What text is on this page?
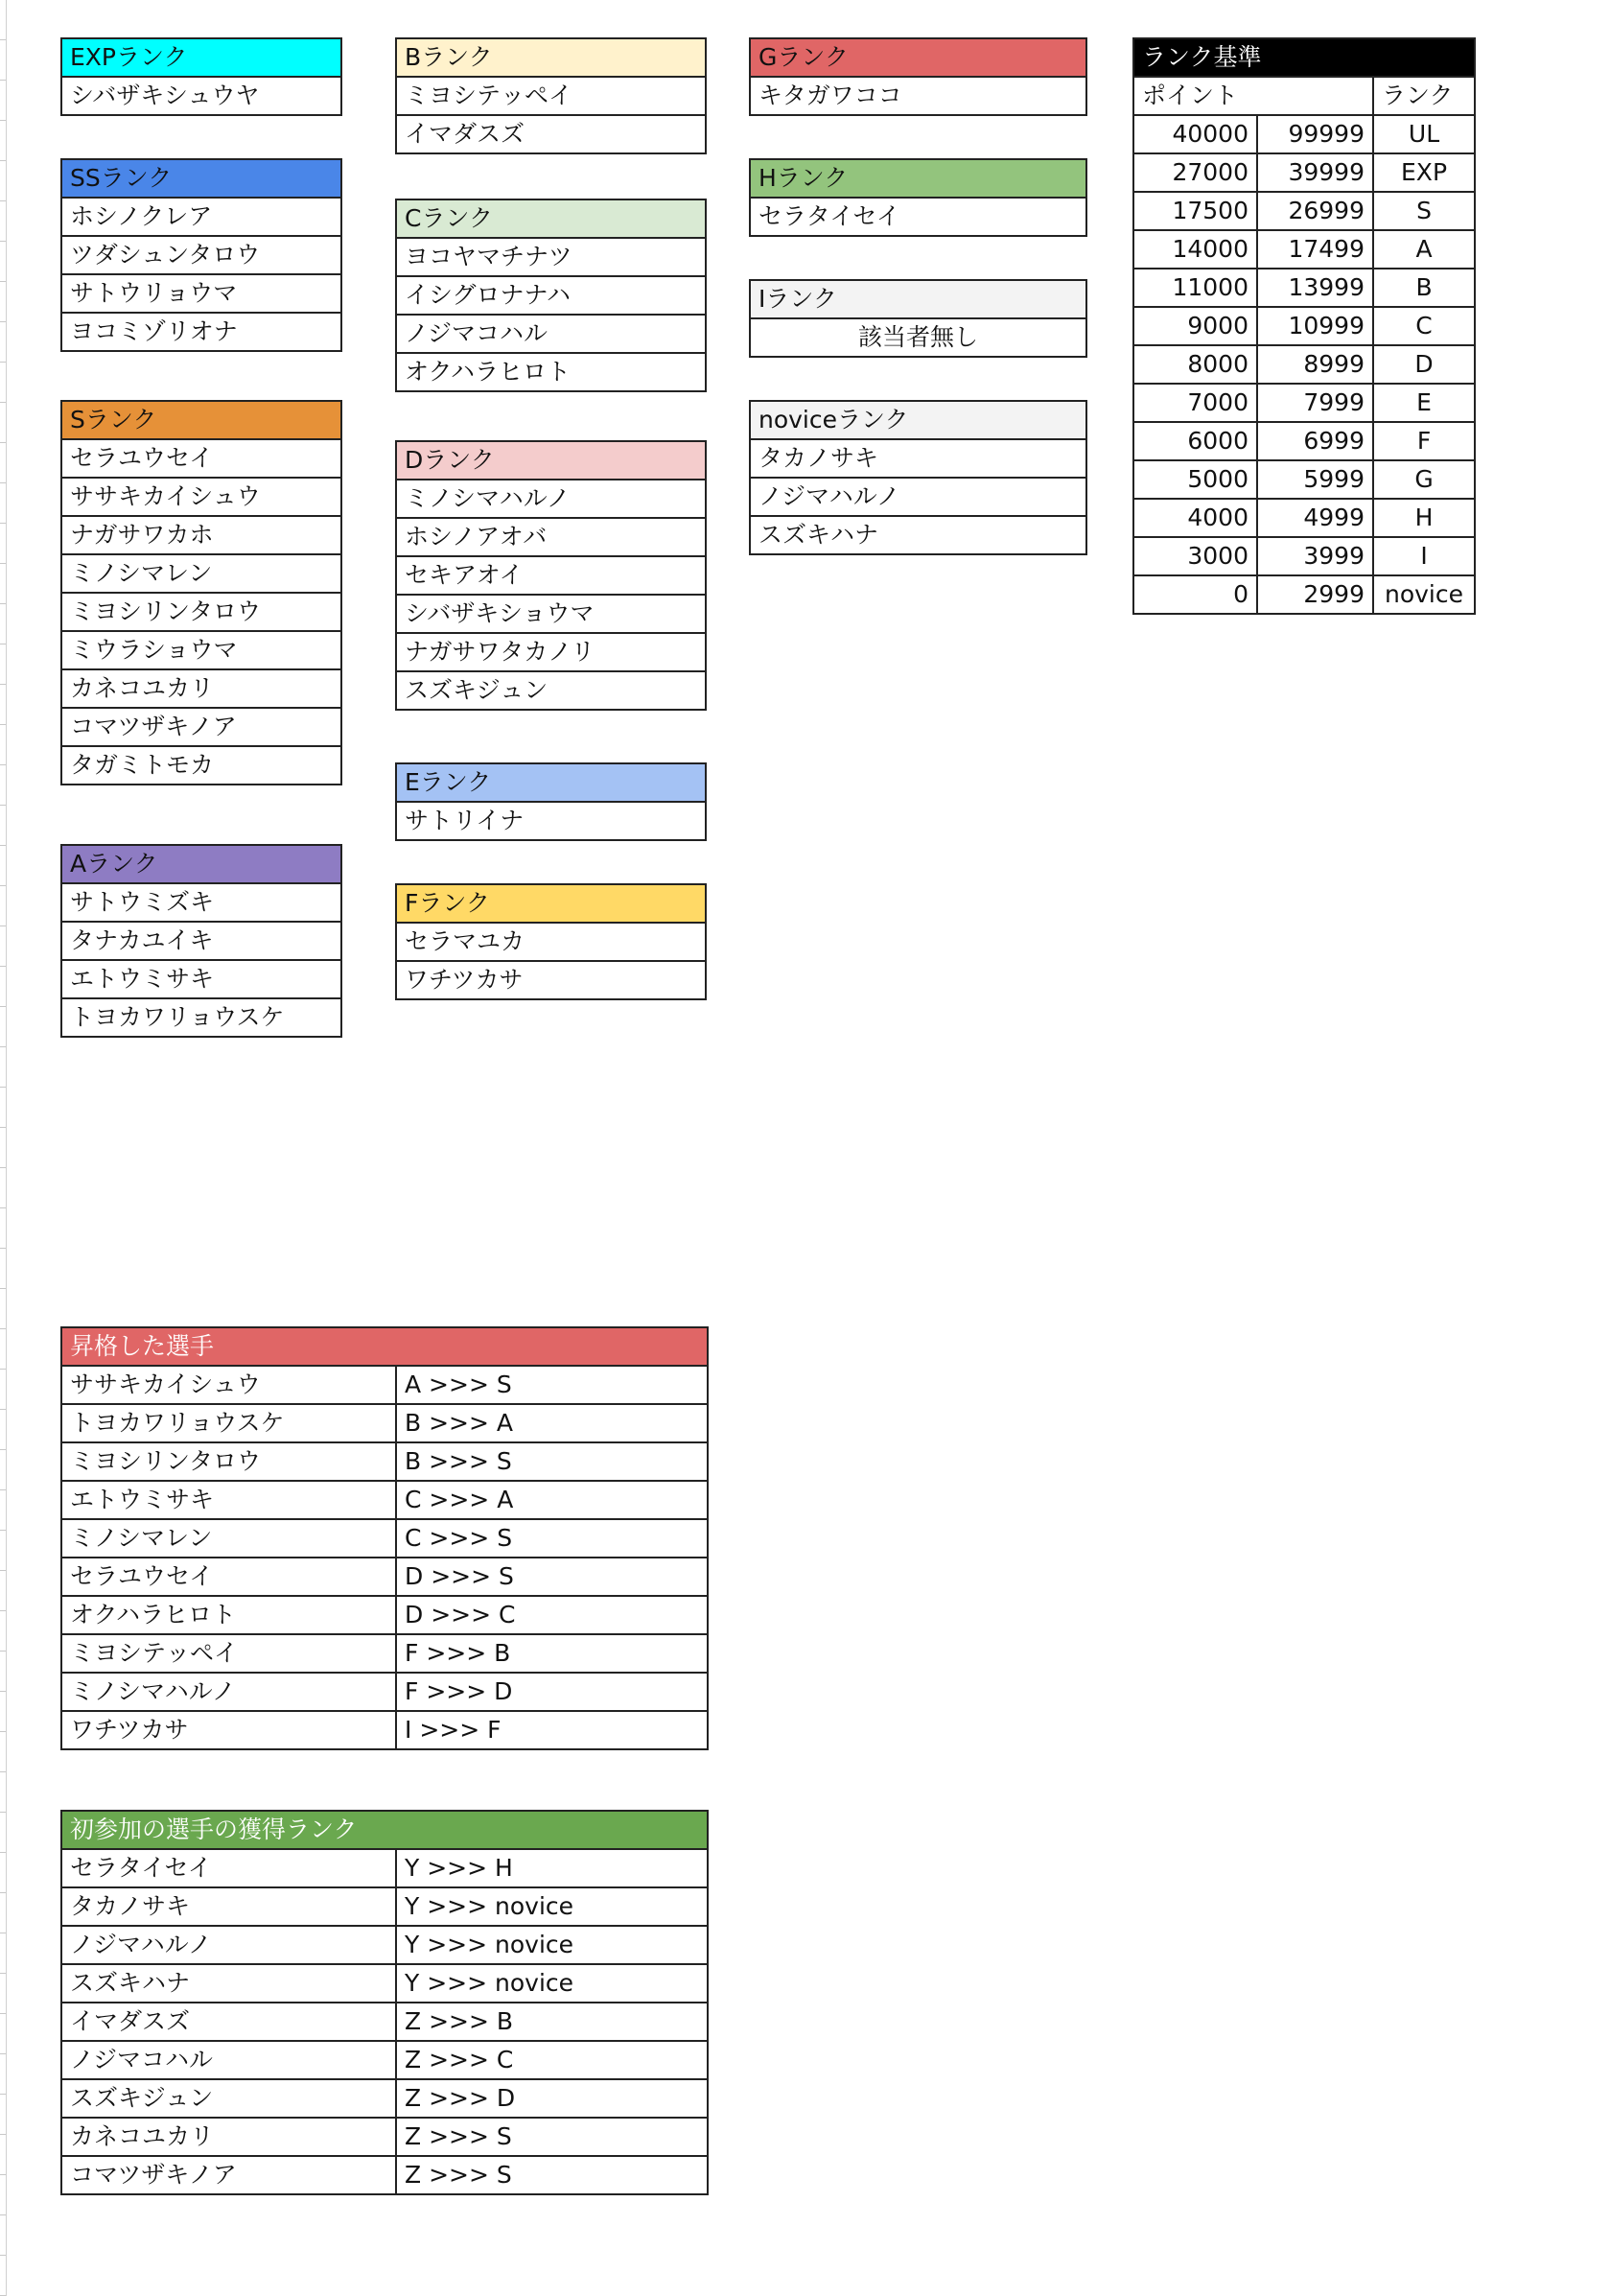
EXPランク
シバザキシュウヤ
SSランク
ホシノクレア
ツダシュンタロウ
サトウリョウマ
ヨコミゾリオナ
Sランク
セラユウセイ
ササキカイシュウ
ナガサワカホ
ミノシマレン
ミヨシリンタロウ
ミウラショウマ
カネコユカリ
コマツザキノア
タガミトモカ
Aランク
サトウミズキ
タナカユイキ
エトウミサキ
トヨカワリョウスケ
Bランク
ミヨシテッペイ
イマダスズ
Cランク
ヨコヤマチナツ
イシグロナナハ
ノジマコハル
オクハラヒロト
Dランク
ミノシマハルノ
ホシノアオバ
セキアオイ
シバザキショウマ
ナガサワタカノリ
スズキジュン
Eランク
サトリイナ
Fランク
セラマユカ
ワチツカサ
Gランク
キタガワココ
Hランク
セラタイセイ
Iランク
該当者無し
noviceランク
タカノサキ
ノジマハルノ
スズキハナ
ランク基準		
ポイント		ランク
40000	99999	UL
27000	39999	EXP
17500	26999	S
14000	17499	A
11000	13999	B
9000	10999	C
8000	8999	D
7000	7999	E
6000	6999	F
5000	5999	G
4000	4999	H
3000	3999	I
0	2999	novice
昇格した選手	
ササキカイシュウ	A >>> S
トヨカワリョウスケ	B >>> A
ミヨシリンタロウ	B >>> S
エトウミサキ	C >>> A
ミノシマレン	C >>> S
セラユウセイ	D >>> S
オクハラヒロト	D >>> C
ミヨシテッペイ	F >>> B
ミノシマハルノ	F >>> D
ワチツカサ	I >>> F
初参加の選手の獲得ランク	
セラタイセイ	Y >>> H
タカノサキ	Y >>> novice
ノジマハルノ	Y >>> novice
スズキハナ	Y >>> novice
イマダスズ	Z >>> B
ノジマコハル	Z >>> C
スズキジュン	Z >>> D
カネコユカリ	Z >>> S
コマツザキノア	Z >>> S
